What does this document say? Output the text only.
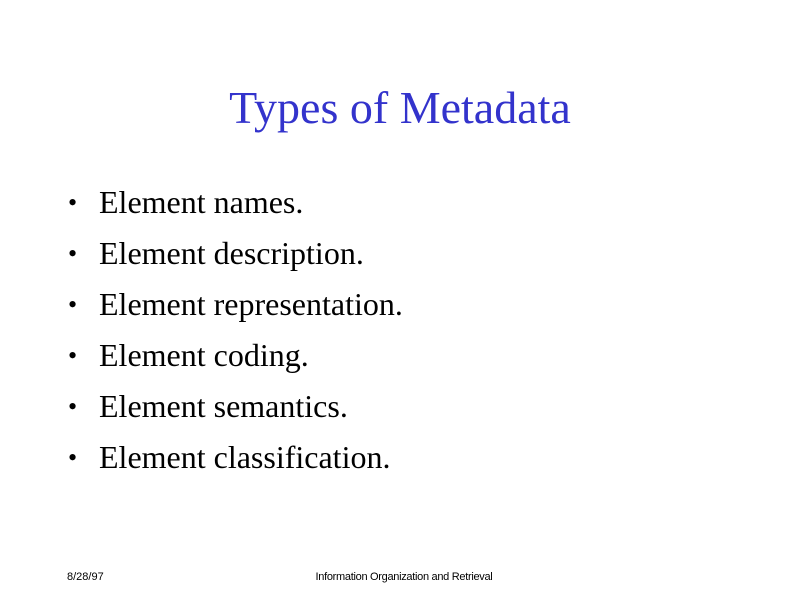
Types of Metadata
• Element names.
• Element description.
• Element representation.
• Element coding.
• Element semantics.
• Element classification.
8/28/97	Information Organization and Retrieval
